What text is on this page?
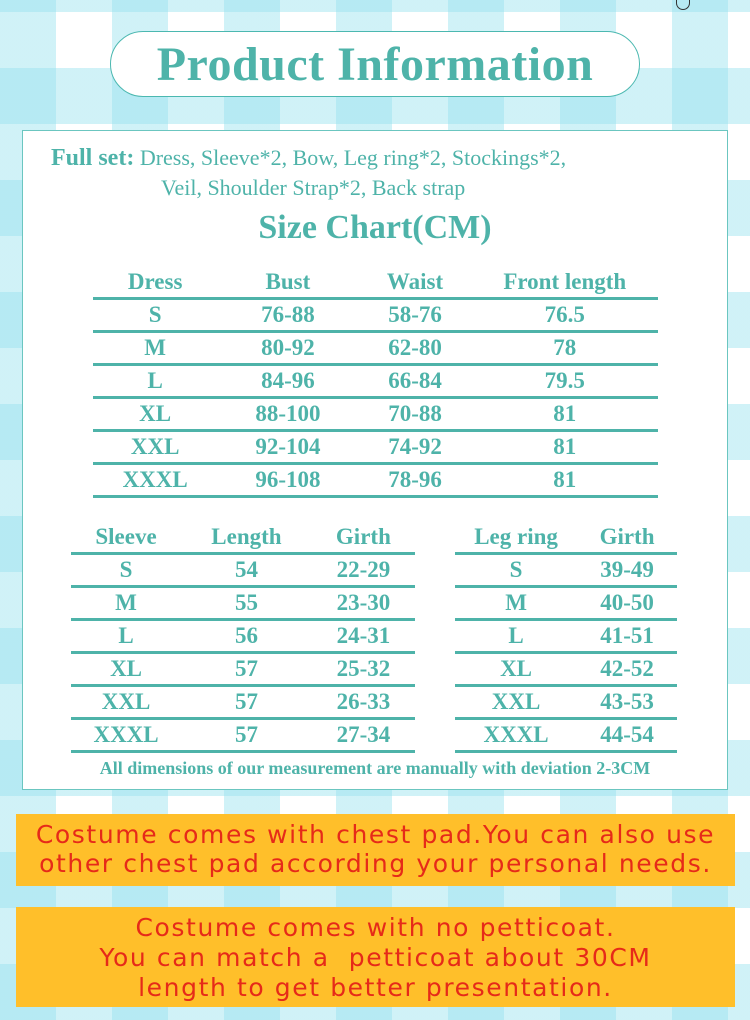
Product Information
Full set: Dress, Sleeve*2, Bow, Leg ring*2, Stockings*2,
Veil, Shoulder Strap*2, Back strap
Size Chart(CM)
Dress	Bust	Waist	Front length
S	76-88	58-76	76.5
M	80-92	62-80	78
L	84-96	66-84	79.5
XL	88-100	70-88	81
XXL	92-104	74-92	81
XXXL	96-108	78-96	81
Sleeve	Length	Girth
S	54	22-29
M	55	23-30
L	56	24-31
XL	57	25-32
XXL	57	26-33
XXXL	57	27-34
Leg ring	Girth
S	39-49
M	40-50
L	41-51
XL	42-52
XXL	43-53
XXXL	44-54
All dimensions of our measurement are manually with deviation 2-3CM
Costume comes with chest pad.You can also use
other chest pad according your personal needs.
Costume comes with no petticoat.
You can match a  petticoat about 30CM
length to get better presentation.
